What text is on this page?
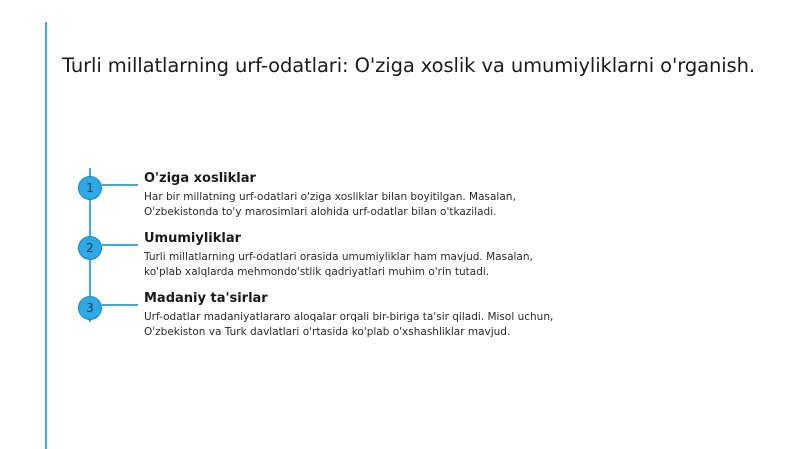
Turli millatlarning urf-odatlari: O'ziga xoslik va umumiyliklarni o'rganish.
1

O'ziga xosliklar

Har bir millatning urf-odatlari o'ziga xosliklar bilan boyitilgan. Masalan, O'zbekistonda to'y marosimlari alohida urf-odatlar bilan o'tkaziladi.

2

Umumiyliklar

Turli millatlarning urf-odatlari orasida umumiyliklar ham mavjud. Masalan, ko'plab xalqlarda mehmondo'stlik qadriyatlari muhim o'rin tutadi.

3

Madaniy ta'sirlar

Urf-odatlar madaniyatlararo aloqalar orqali bir-biriga ta'sir qiladi. Misol uchun, O'zbekiston va Turk davlatlari o'rtasida ko'plab o'xshashliklar mavjud.
